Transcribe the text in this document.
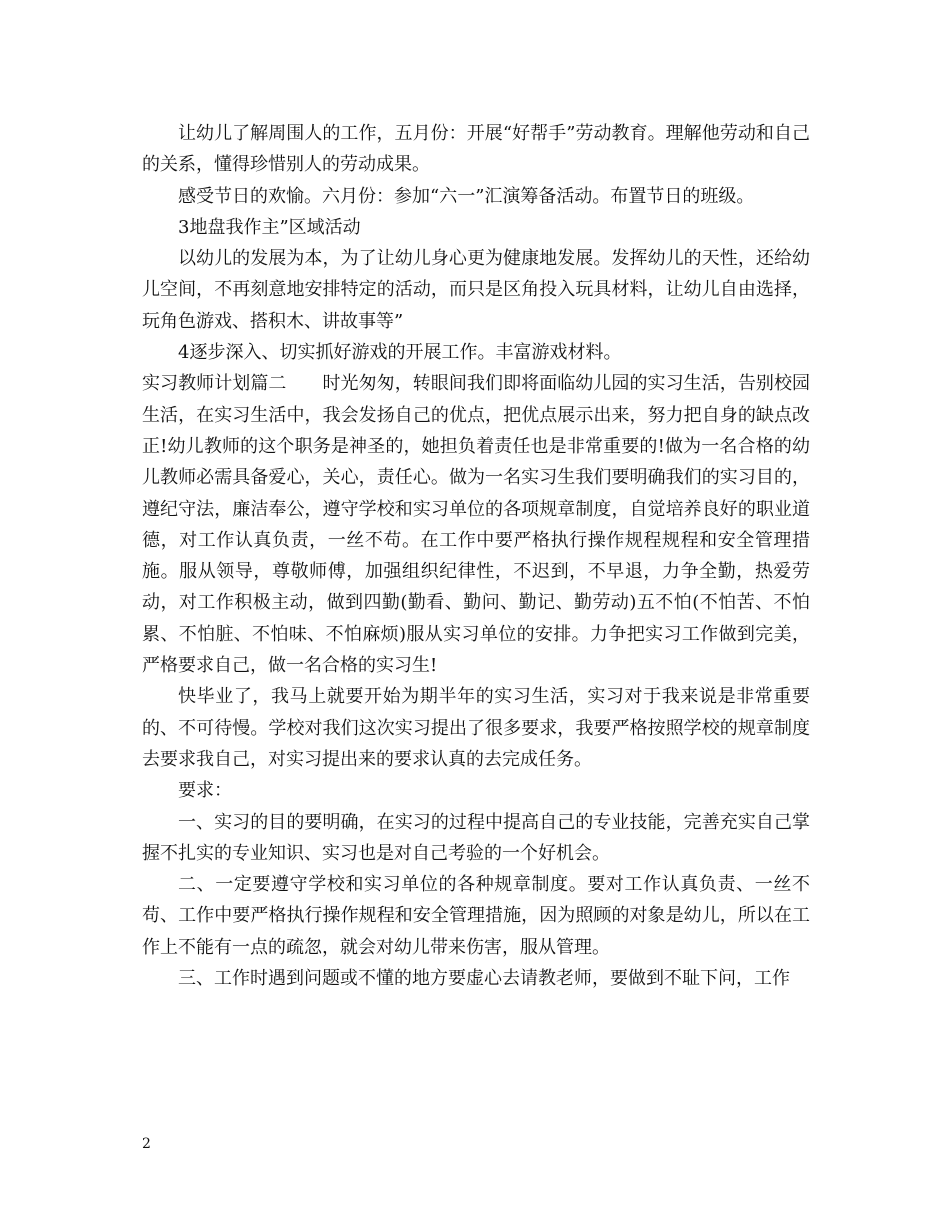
让幼儿了解周围人的工作，五月份：开展“好帮手”劳动教育。理解他劳动和自己的关系，懂得珍惜别人的劳动成果。

感受节日的欢愉。六月份：参加“六一”汇演筹备活动。布置节日的班级。

3地盘我作主”区域活动

以幼儿的发展为本，为了让幼儿身心更为健康地发展。发挥幼儿的天性，还给幼儿空间，不再刻意地安排特定的活动，而只是区角投入玩具材料，让幼儿自由选择，玩角色游戏、搭积木、讲故事等”

4逐步深入、切实抓好游戏的开展工作。丰富游戏材料。

实习教师计划篇二 时光匆匆，转眼间我们即将面临幼儿园的实习生活，告别校园生活，在实习生活中，我会发扬自己的优点，把优点展示出来，努力把自身的缺点改正!幼儿教师的这个职务是神圣的，她担负着责任也是非常重要的!做为一名合格的幼儿教师必需具备爱心，关心，责任心。做为一名实习生我们要明确我们的实习目的，遵纪守法，廉洁奉公，遵守学校和实习单位的各项规章制度，自觉培养良好的职业道德，对工作认真负责，一丝不苟。在工作中要严格执行操作规程规程和安全管理措施。服从领导，尊敬师傅，加强组织纪律性，不迟到，不早退，力争全勤，热爱劳动，对工作积极主动，做到四勤(勤看、勤问、勤记、勤劳动)五不怕(不怕苦、不怕累、不怕脏、不怕味、不怕麻烦)服从实习单位的安排。力争把实习工作做到完美，严格要求自己，做一名合格的实习生!

快毕业了，我马上就要开始为期半年的实习生活，实习对于我来说是非常重要的、不可待慢。学校对我们这次实习提出了很多要求，我要严格按照学校的规章制度去要求我自己，对实习提出来的要求认真的去完成任务。

要求：

一、实习的目的要明确，在实习的过程中提高自己的专业技能，完善充实自己掌握不扎实的专业知识、实习也是对自己考验的一个好机会。

二、一定要遵守学校和实习单位的各种规章制度。要对工作认真负责、一丝不苟、工作中要严格执行操作规程和安全管理措施，因为照顾的对象是幼儿，所以在工作上不能有一点的疏忽，就会对幼儿带来伤害，服从管理。

三、工作时遇到问题或不懂的地方要虚心去请教老师，要做到不耻下问，工作

2
